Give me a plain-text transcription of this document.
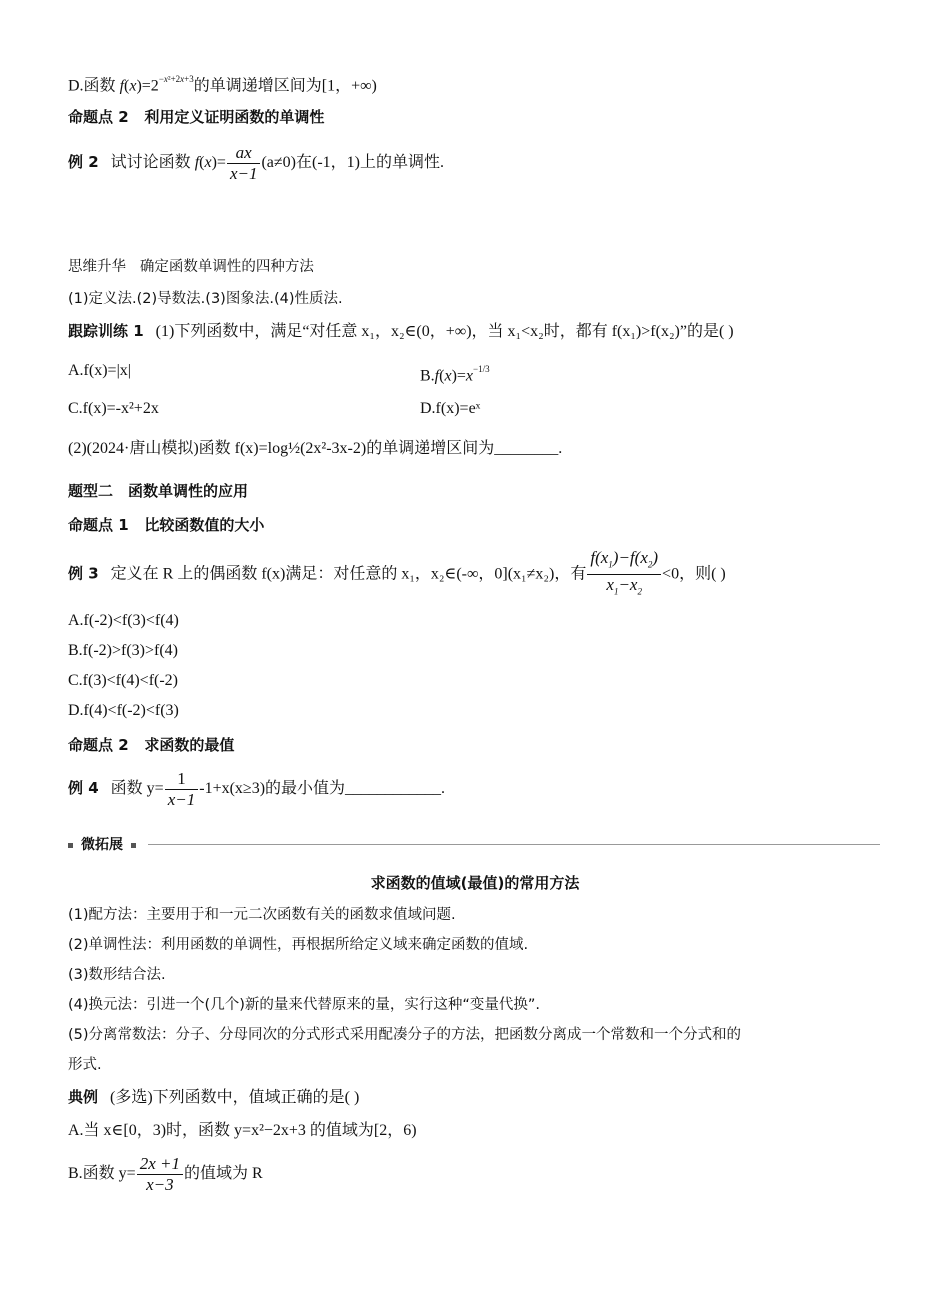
D.函数 $f(x)=2^{-x^2+2x+3}$的单调递增区间为[1，+∞)
命题点 2 利用定义证明函数的单调性
例 2 试讨论函数 $f(x)= \frac{ax}{x-1} (a\ne 0)$在(-1，1)上的单调性.
思维升华 确定函数单调性的四种方法
(1)定义法.(2)导数法.(3)图象法.(4)性质法.
跟踪训练 1 (1)下列函数中，满足“对任意 x₁，x₂∈(0，+∞)，当 x₁<x₂时，都有 f(x₁)>f(x₂)”的是( )
A.f(x)=|x|	$B.f(x)=x^{-1/3}$
C.f(x)=-x²+2x	D.f(x)=eˣ
(2)(2024·唐山模拟)函数 f(x)=log½(2x²-3x-2)的单调递增区间为________.
题型二　函数单调性的应用
命题点 1 比较函数值的大小
例 3 定义在 R 上的偶函数 f(x)满足：对任意的 x₁，x₂∈(-∞，0](x₁≠x₂)，有 $\frac{f(x_1)-f(x_2)}{x_1-x_2} <0$，则( )
A.f(-2)<f(3)<f(4)
B.f(-2)>f(3)>f(4)
C.f(3)<f(4)<f(-2)
D.f(4)<f(-2)<f(3)
命题点 2 求函数的最值
例 4 函数 $y= \frac{1}{x-1} -1+x(x\ge 3)$的最小值为____________.
微拓展
求函数的值域(最值)的常用方法
(1)配方法：主要用于和一元二次函数有关的函数求值域问题.
(2)单调性法：利用函数的单调性，再根据所给定义域来确定函数的值域.
(3)数形结合法.
(4)换元法：引进一个(几个)新的量来代替原来的量，实行这种“变量代换”.
(5)分离常数法：分子、分母同次的分式形式采用配凑分子的方法，把函数分离成一个常数和一个分式和的
形式.
典例 (多选)下列函数中，值域正确的是( )
A.当 x∈[0，3)时，函数 y=x²−2x+3 的值域为[2，6)
B.函数 $y= \frac{2x +1}{x-3}$ 的值域为 R
